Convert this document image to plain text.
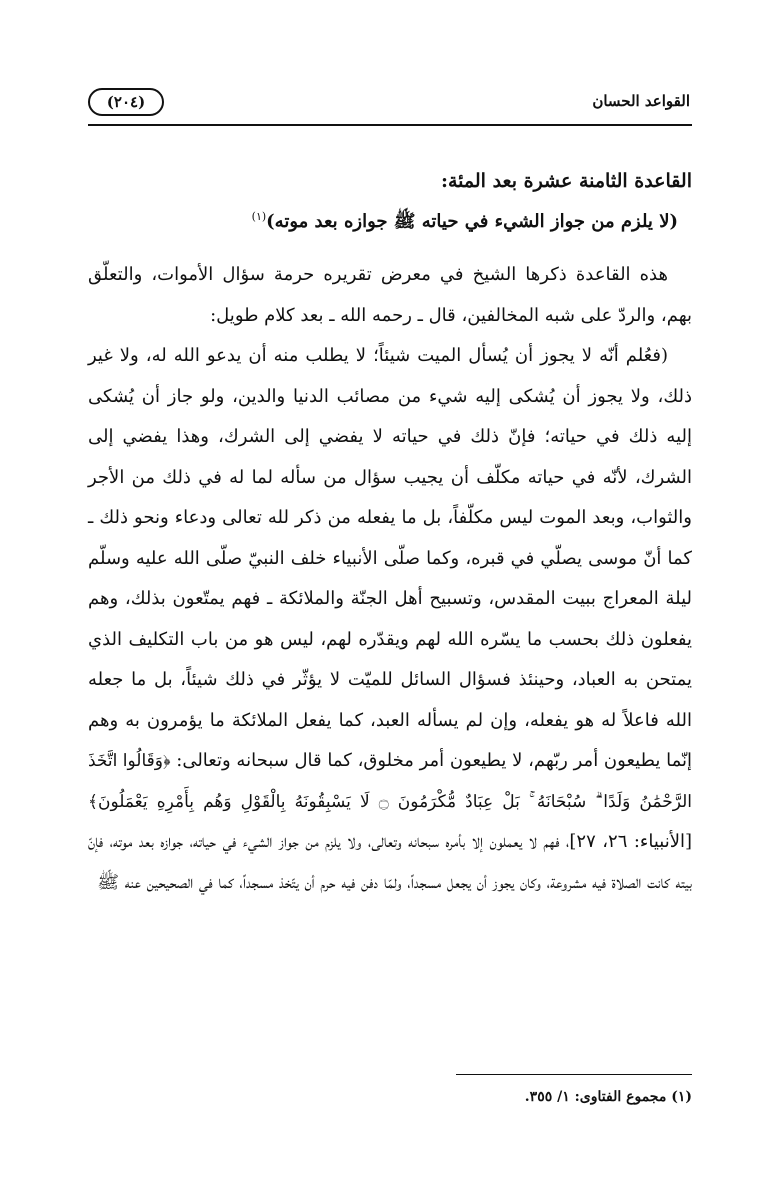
القواعد الحسان
(٢٠٤)

القاعدة الثامنة عشرة بعد المئة:

(لا يلزم من جواز الشيء في حياته ﷺ جوازه بعد موته)$^{(١)}$

هذه القاعدة ذكرها الشيخ في معرض تقريره حرمة سؤال الأموات، والتعلّق بهم، والردّ على شبه المخالفين، قال ـ رحمه الله ـ بعد كلام طويل:

(فعُلم أنّه لا يجوز أن يُسأل الميت شيئاً؛ لا يطلب منه أن يدعو الله له، ولا غير ذلك، ولا يجوز أن يُشكى إليه شيء من مصائب الدنيا والدين، ولو جاز أن يُشكى إليه ذلك في حياته؛ فإنّ ذلك في حياته لا يفضي إلى الشرك، وهذا يفضي إلى الشرك، لأنّه في حياته مكلّف أن يجيب سؤال من سأله لما له في ذلك من الأجر والثواب، وبعد الموت ليس مكلّفاً، بل ما يفعله من ذكر لله تعالى ودعاء ونحو ذلك ـ كما أنّ موسى يصلّي في قبره، وكما صلّى الأنبياء خلف النبيّ صلّى الله عليه وسلّم ليلة المعراج ببيت المقدس، وتسبيح أهل الجنّة والملائكة ـ فهم يمتّعون بذلك، وهم يفعلون ذلك بحسب ما يسّره الله لهم ويقدّره لهم، ليس هو من باب التكليف الذي يمتحن به العباد، وحينئذ فسؤال السائل للميّت لا يؤثّر في ذلك شيئاً، بل ما جعله الله فاعلاً له هو يفعله، وإن لم يسأله العبد، كما يفعل الملائكة ما يؤمرون به وهم إنّما يطيعون أمر ربّهم، لا يطيعون أمر مخلوق، كما قال سبحانه وتعالى: ﴿وَقَالُوا اتَّخَذَ الرَّحْمَٰنُ وَلَدًا ۗ سُبْحَانَهُ ۚ بَلْ عِبَادٌ مُّكْرَمُونَ ۝ لَا يَسْبِقُونَهُ بِالْقَوْلِ وَهُم بِأَمْرِهِ يَعْمَلُونَ﴾ [الأنبياء: ٢٦، ٢٧]، فهم لا يعملون إلا بأمره سبحانه وتعالى، ولا يلزم من جواز الشيء في حياته، جوازه بعد موته، فإنّ بيته كانت الصلاة فيه مشروعة، وكان يجوز أن يجعل مسجداً، ولمّا دفن فيه حرم أن يتّخذ مسجداً، كما في الصحيحين عنه ﷺ

(١) مجموع الفتاوى: ١/ ٣٥٥.
